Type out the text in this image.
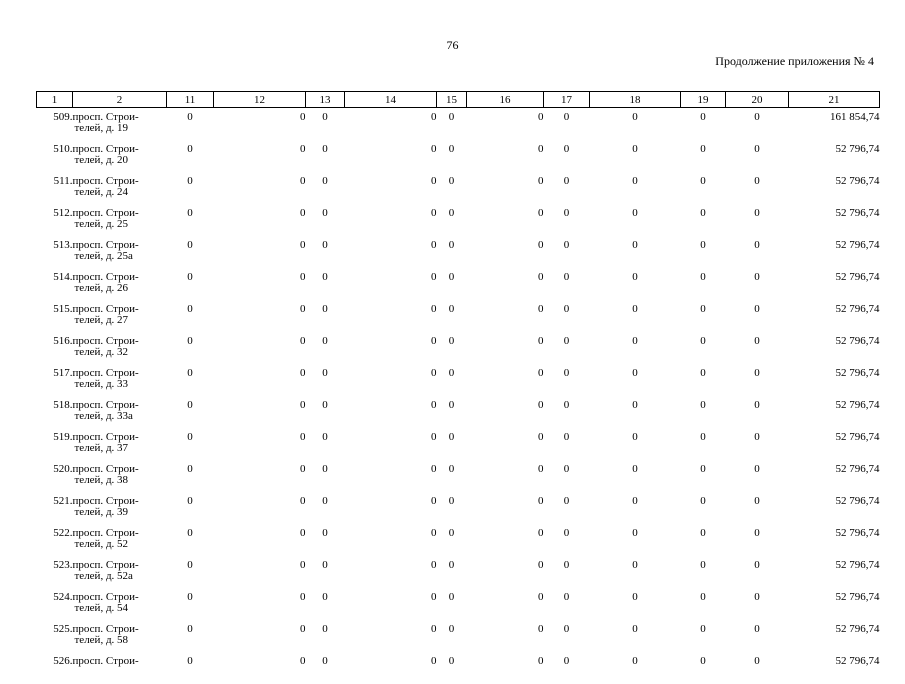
76
Продолжение приложения № 4
1	2	11	12	13	14	15	16	17	18	19	20	21
509.	просп. Строи-
телей, д. 19	0	0	0	0	0	0	0	0	0	0	161 854,74
510.	просп. Строи-
телей, д. 20	0	0	0	0	0	0	0	0	0	0	52 796,74
511.	просп. Строи-
телей, д. 24	0	0	0	0	0	0	0	0	0	0	52 796,74
512.	просп. Строи-
телей, д. 25	0	0	0	0	0	0	0	0	0	0	52 796,74
513.	просп. Строи-
телей, д. 25а	0	0	0	0	0	0	0	0	0	0	52 796,74
514.	просп. Строи-
телей, д. 26	0	0	0	0	0	0	0	0	0	0	52 796,74
515.	просп. Строи-
телей, д. 27	0	0	0	0	0	0	0	0	0	0	52 796,74
516.	просп. Строи-
телей, д. 32	0	0	0	0	0	0	0	0	0	0	52 796,74
517.	просп. Строи-
телей, д. 33	0	0	0	0	0	0	0	0	0	0	52 796,74
518.	просп. Строи-
телей, д. 33а	0	0	0	0	0	0	0	0	0	0	52 796,74
519.	просп. Строи-
телей, д. 37	0	0	0	0	0	0	0	0	0	0	52 796,74
520.	просп. Строи-
телей, д. 38	0	0	0	0	0	0	0	0	0	0	52 796,74
521.	просп. Строи-
телей, д. 39	0	0	0	0	0	0	0	0	0	0	52 796,74
522.	просп. Строи-
телей, д. 52	0	0	0	0	0	0	0	0	0	0	52 796,74
523.	просп. Строи-
телей, д. 52а	0	0	0	0	0	0	0	0	0	0	52 796,74
524.	просп. Строи-
телей, д. 54	0	0	0	0	0	0	0	0	0	0	52 796,74
525.	просп. Строи-
телей, д. 58	0	0	0	0	0	0	0	0	0	0	52 796,74
526.	просп. Строи-	0	0	0	0	0	0	0	0	0	0	52 796,74
